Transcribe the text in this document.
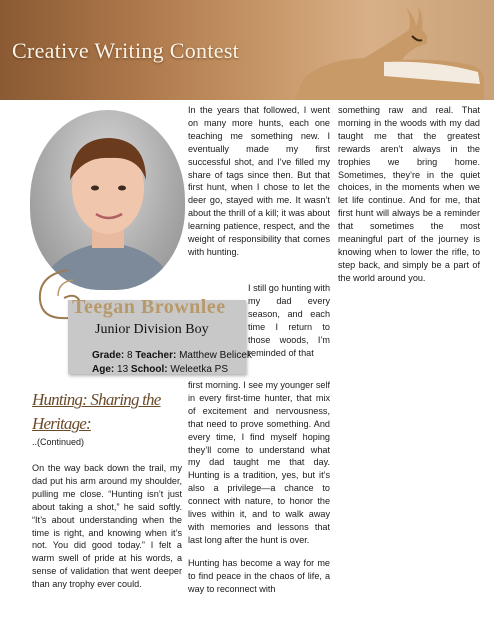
Creative Writing Contest
Teegan Brownlee
Junior Division Boy
Grade: 8 Teacher: Matthew Belicek
Age: 13 School: Weleetka PS
Hunting: Sharing the Heritage:
..(Continued)

On the way back down the trail, my dad put his arm around my shoulder, pulling me close. “Hunting isn’t just about taking a shot,” he said softly. “It’s about understanding when the time is right, and knowing when it’s not. You did good today.” I felt a warm swell of pride at his words, a sense of validation that went deeper than any trophy ever could.

In the years that followed, I went on many more hunts, each one teaching me something new. I eventually made my first successful shot, and I’ve filled my share of tags since then. But that first hunt, when I chose to let the deer go, stayed with me. It wasn’t about the thrill of a kill; it was about learning patience, respect, and the weight of responsibility that comes with hunting.

I still go hunting with my dad every season, and each time I return to those woods, I’m reminded of that

first morning. I see my younger self in every first-time hunter, that mix of excitement and nervousness, that need to prove something. And every time, I find myself hoping they’ll come to understand what my dad taught me that day. Hunting is a tradition, yes, but it’s also a privilege—a chance to connect with nature, to honor the lives within it, and to walk away with memories and lessons that last long after the hunt is over.

Hunting has become a way for me to find peace in the chaos of life, a way to reconnect with

something raw and real. That morning in the woods with my dad taught me that the greatest rewards aren’t always in the trophies we bring home. Sometimes, they’re in the quiet choices, in the moments when we let life continue. And for me, that first hunt will always be a reminder that sometimes the most meaningful part of the journey is knowing when to lower the rifle, to step back, and simply be a part of the world around you.
